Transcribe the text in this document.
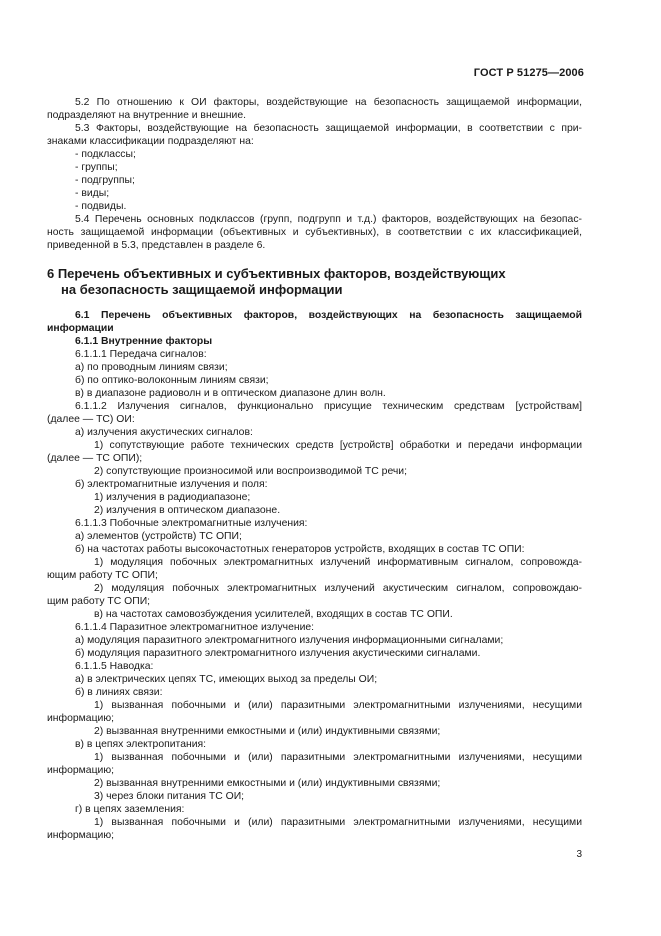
ГОСТ Р 51275—2006
5.2 По отношению к ОИ факторы, воздействующие на безопасность защищаемой информации,
подразделяют на внутренние и внешние.
5.3 Факторы, воздействующие на безопасность защищаемой информации, в соответствии с при-
знаками классификации подразделяют на:
- подклассы;
- группы;
- подгруппы;
- виды;
- подвиды.
5.4 Перечень основных подклассов (групп, подгрупп и т.д.) факторов, воздействующих на безопас-
ность защищаемой информации (объективных и субъективных), в соответствии с их классификацией,
приведенной в 5.3, представлен в разделе 6.
6 Перечень объективных и субъективных факторов, воздействующих
на безопасность защищаемой информации
6.1 Перечень объективных факторов, воздействующих на безопасность защищаемой
информации
6.1.1 Внутренние факторы
6.1.1.1 Передача сигналов:
а) по проводным линиям связи;
б) по оптико-волоконным линиям связи;
в) в диапазоне радиоволн и в оптическом диапазоне длин волн.
6.1.1.2 Излучения сигналов, функционально присущие техническим средствам [устройствам]
(далее — ТС) ОИ:
а) излучения акустических сигналов:
1) сопутствующие работе технических средств [устройств] обработки и передачи информации
(далее — ТС ОПИ);
2) сопутствующие произносимой или воспроизводимой ТС речи;
б) электромагнитные излучения и поля:
1) излучения в радиодиапазоне;
2) излучения в оптическом диапазоне.
6.1.1.3 Побочные электромагнитные излучения:
а) элементов (устройств) ТС ОПИ;
б) на частотах работы высокочастотных генераторов устройств, входящих в состав ТС ОПИ:
1) модуляция побочных электромагнитных излучений информативным сигналом, сопровожда-
ющим работу ТС ОПИ;
2) модуляция побочных электромагнитных излучений акустическим сигналом, сопровождаю-
щим работу ТС ОПИ;
в) на частотах самовозбуждения усилителей, входящих в состав ТС ОПИ.
6.1.1.4 Паразитное электромагнитное излучение:
а) модуляция паразитного электромагнитного излучения информационными сигналами;
б) модуляция паразитного электромагнитного излучения акустическими сигналами.
6.1.1.5 Наводка:
а) в электрических цепях ТС, имеющих выход за пределы ОИ;
б) в линиях связи:
1) вызванная побочными и (или) паразитными электромагнитными излучениями, несущими
информацию;
2) вызванная внутренними емкостными и (или) индуктивными связями;
в) в цепях электропитания:
1) вызванная побочными и (или) паразитными электромагнитными излучениями, несущими
информацию;
2) вызванная внутренними емкостными и (или) индуктивными связями;
3) через блоки питания ТС ОИ;
г) в цепях заземления:
1) вызванная побочными и (или) паразитными электромагнитными излучениями, несущими
информацию;
3
